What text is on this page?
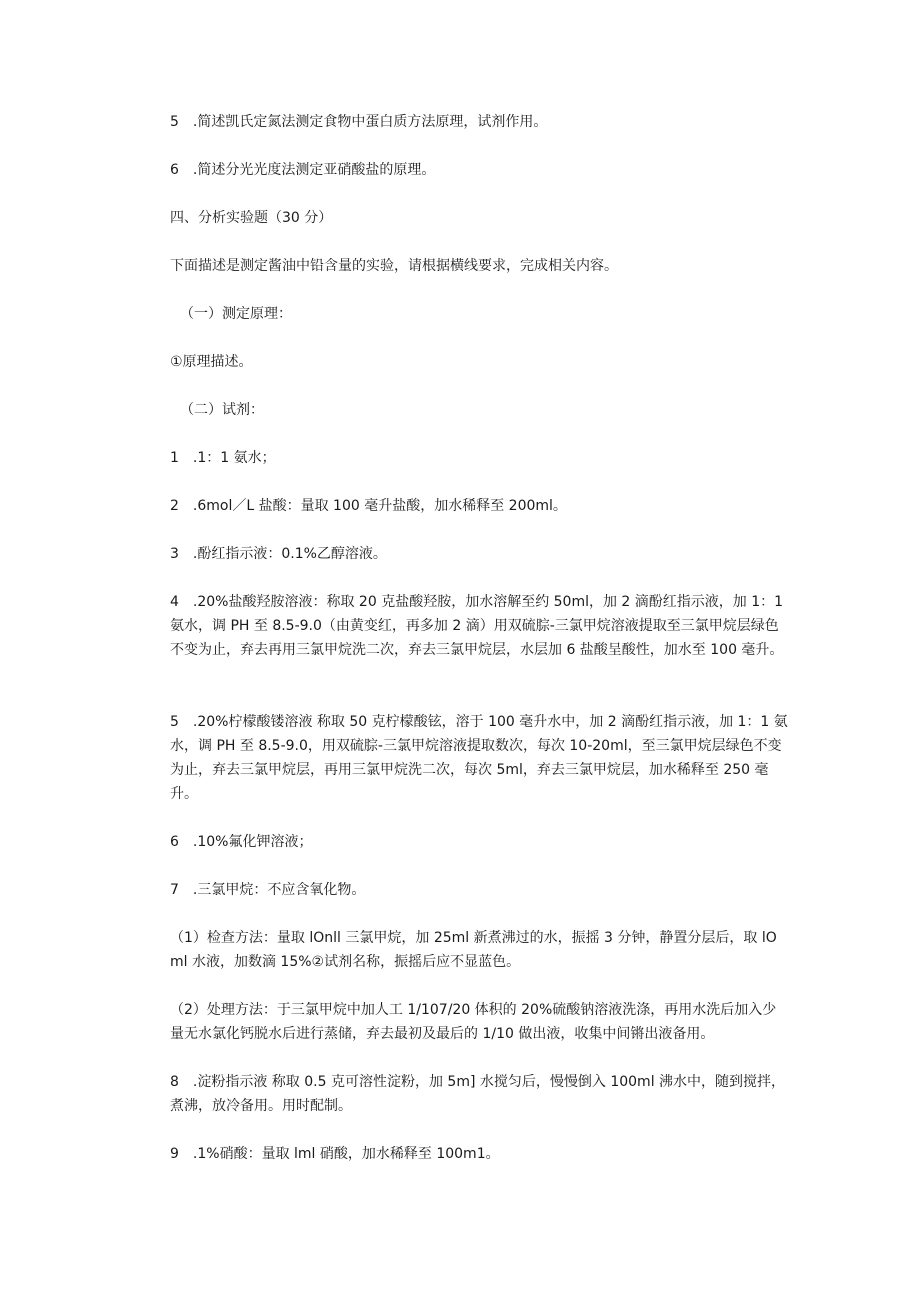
5　.简述凯氏定氮法测定食物中蛋白质方法原理，试剂作用。

6　.简述分光光度法测定亚硝酸盐的原理。

四、分析实验题（30 分）

下面描述是测定酱油中铅含量的实验，请根据横线要求，完成相关内容。

（一）测定原理：

①原理描述。

（二）试剂：

1　.1：1 氨水；

2　.6mol／L 盐酸：量取 100 毫升盐酸，加水稀释至 200ml。

3　.酚红指示液：0.1%乙醇溶液。

4　.20%盐酸羟胺溶液：称取 20 克盐酸羟胺，加水溶解至约 50ml，加 2 滴酚红指示液，加 1：1 氨水，调 PH 至 8.5-9.0（由黄变红，再多加 2 滴）用双硫腙-三氯甲烷溶液提取至三氯甲烷层绿色不变为止，弃去再用三氯甲烷洗二次，弃去三氯甲烷层，水层加 6 盐酸呈酸性，加水至 100 毫升。

5　.20%柠檬酸镂溶液 称取 50 克柠檬酸铉，溶于 100 毫升水中，加 2 滴酚红指示液，加 1：1 氨水，调 PH 至 8.5-9.0，用双硫腙-三氯甲烷溶液提取数次，每次 10-20ml，至三氯甲烷层绿色不变为止，弃去三氯甲烷层，再用三氯甲烷洗二次，每次 5ml，弃去三氯甲烷层，加水稀释至 250 毫升。

6　.10%氟化钾溶液；

7　.三氯甲烷：不应含氧化物。

（1）检查方法：量取 lOnll 三氯甲烷，加 25ml 新煮沸过的水，振摇 3 分钟，静置分层后，取 lOml 水液，加数滴 15%②试剂名称，振摇后应不显蓝色。

（2）处理方法：于三氯甲烷中加人工 1/107/20 体积的 20%硫酸钠溶液洗涤，再用水洗后加入少量无水氯化钙脱水后进行蒸储，弃去最初及最后的 1/10 做出液，收集中间锵出液备用。

8　.淀粉指示液 称取 0.5 克可溶性淀粉，加 5m] 水搅匀后，慢慢倒入 100ml 沸水中，随到搅拌，煮沸，放冷备用。用时配制。

9　.1%硝酸：量取 lml 硝酸，加水稀释至 100m1。
